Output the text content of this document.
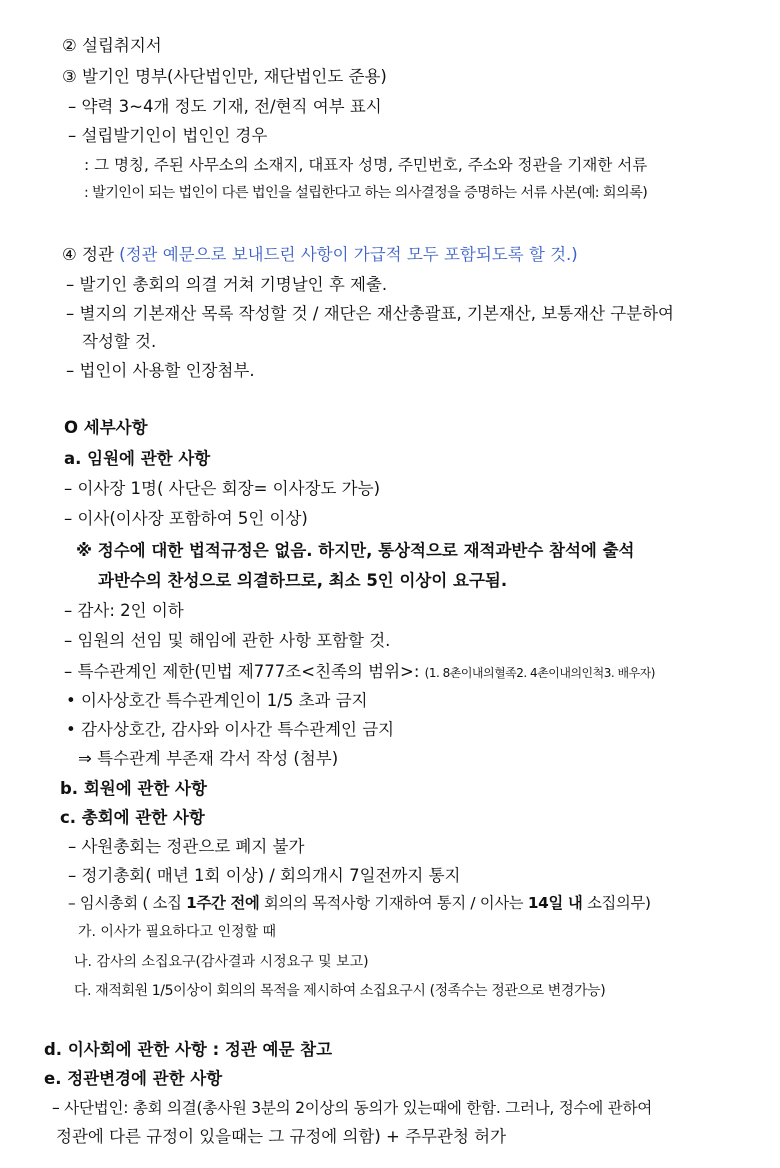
② 설립취지서
③ 발기인 명부(사단법인만, 재단법인도 준용)
– 약력 3~4개 정도 기재, 전/현직 여부 표시
– 설립발기인이 법인인 경우
: 그 명칭, 주된 사무소의 소재지, 대표자 성명, 주민번호, 주소와 정관을 기재한 서류
: 발기인이 되는 법인이 다른 법인을 설립한다고 하는 의사결정을 증명하는 서류 사본(예: 회의록)
④ 정관 (정관 예문으로 보내드린 사항이 가급적 모두 포함되도록 할 것.)
– 발기인 총회의 의결 거쳐 기명날인 후 제출.
– 별지의 기본재산 목록 작성할 것 / 재단은 재산총괄표, 기본재산, 보통재산 구분하여
작성할 것.
– 법인이 사용할 인장첨부.
O 세부사항
a. 임원에 관한 사항
– 이사장 1명( 사단은 회장= 이사장도 가능)
– 이사(이사장 포함하여 5인 이상)
※ 정수에 대한 법적규정은 없음. 하지만, 통상적으로 재적과반수 참석에 출석
과반수의 찬성으로 의결하므로, 최소 5인 이상이 요구됨.
– 감사: 2인 이하
– 임원의 선임 및 해임에 관한 사항 포함할 것.
– 특수관계인 제한(민법 제777조<친족의 범위>: (1. 8촌이내의혈족2. 4촌이내의인척3. 배우자)
• 이사상호간 특수관계인이 1/5 초과 금지
• 감사상호간, 감사와 이사간 특수관계인 금지
⇒ 특수관계 부존재 각서 작성 (첨부)
b. 회원에 관한 사항
c. 총회에 관한 사항
– 사원총회는 정관으로 폐지 불가
– 정기총회( 매년 1회 이상) / 회의개시 7일전까지 통지
– 임시총회 ( 소집 1주간 전에 회의의 목적사항 기재하여 통지 / 이사는 14일 내 소집의무)
가. 이사가 필요하다고 인정할 때
나. 감사의 소집요구(감사결과 시정요구 및 보고)
다. 재적회원 1/5이상이 회의의 목적을 제시하여 소집요구시 (정족수는 정관으로 변경가능)
d. 이사회에 관한 사항 : 정관 예문 참고
e. 정관변경에 관한 사항
– 사단법인: 총회 의결(총사원 3분의 2이상의 동의가 있는때에 한함. 그러나, 정수에 관하여
정관에 다른 규정이 있을때는 그 규정에 의함) + 주무관청 허가
